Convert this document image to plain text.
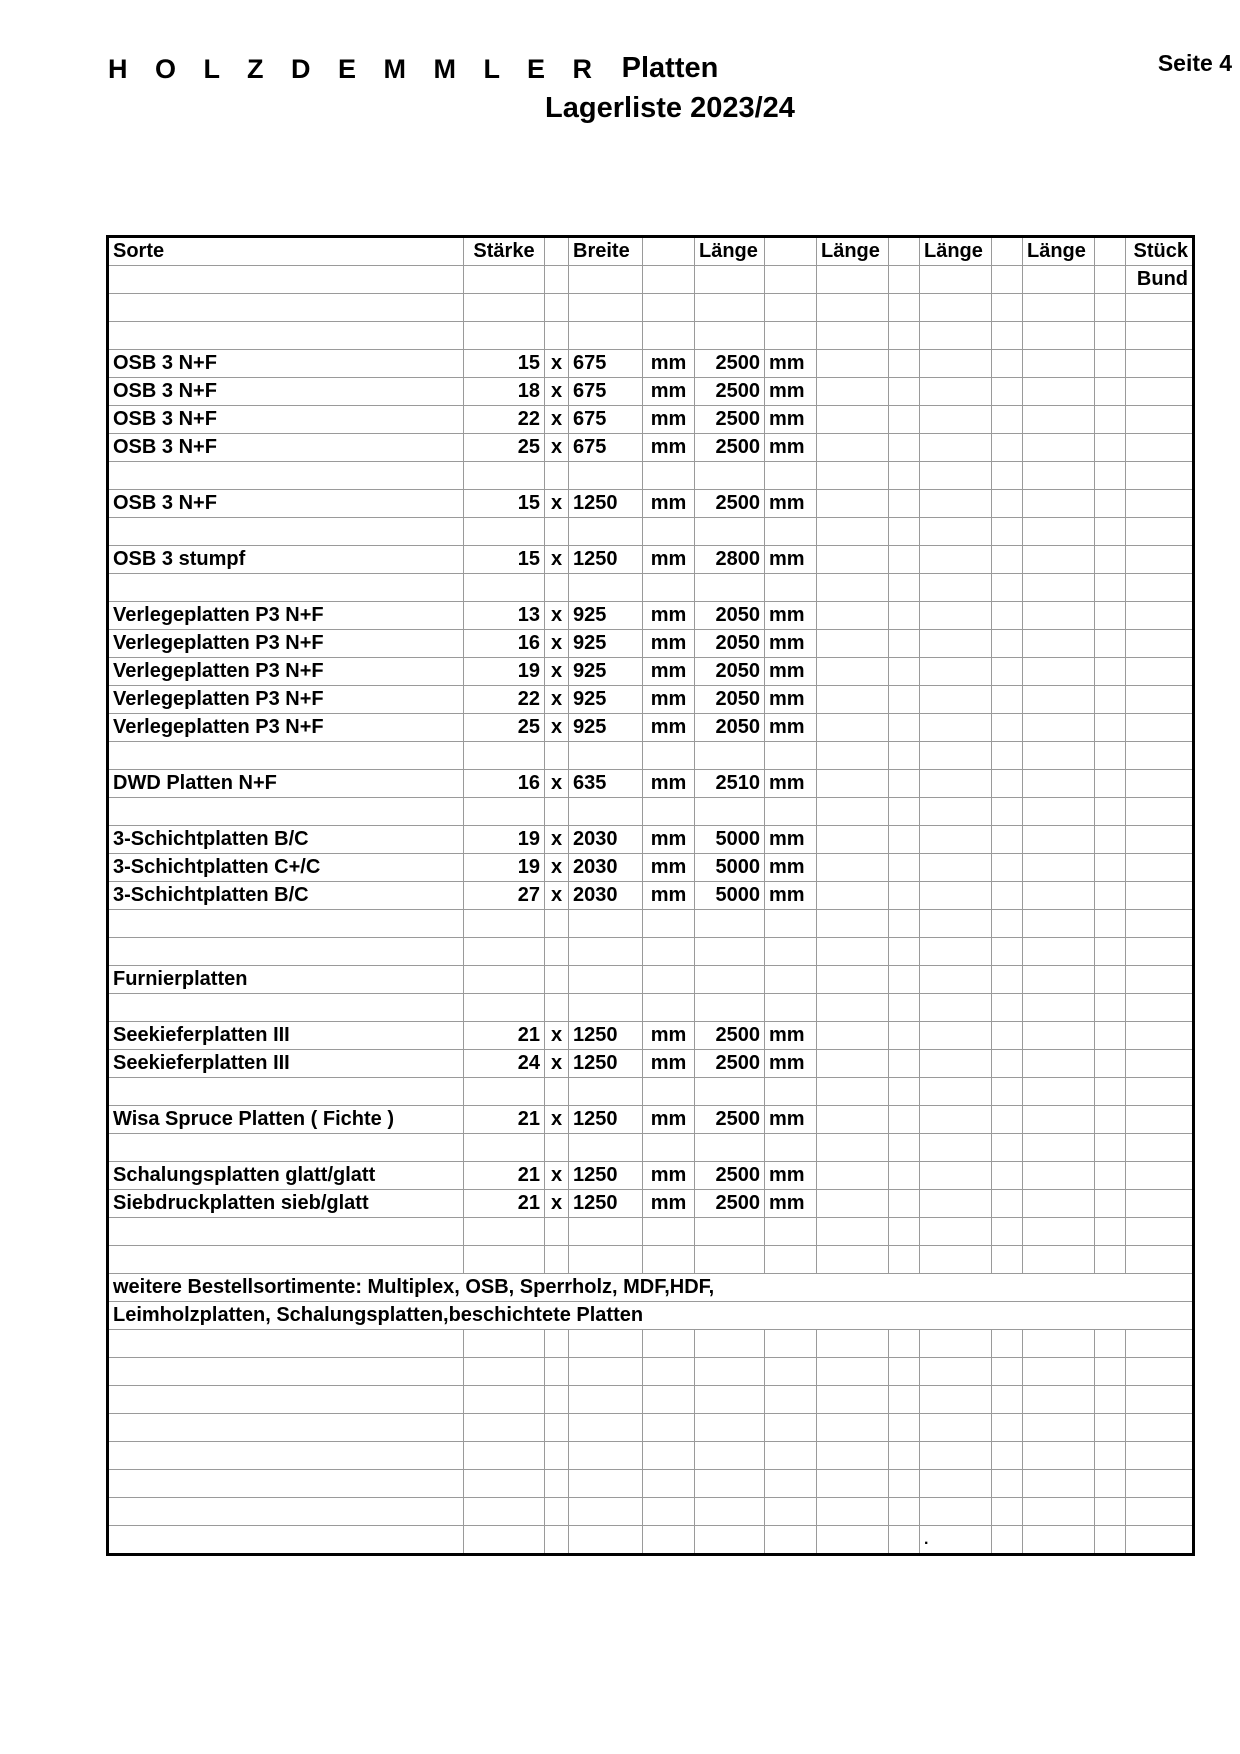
H O L Z D E M M L E R Platten
Lagerliste 2023/24
Seite 4
Sorte	Stärke		Breite		Länge		Länge		Länge		Länge		Stück
													Bund

OSB 3 N+F	15	x	675	mm	2500	mm							
OSB 3 N+F	18	x	675	mm	2500	mm							
OSB 3 N+F	22	x	675	mm	2500	mm							
OSB 3 N+F	25	x	675	mm	2500	mm							

OSB 3 N+F	15	x	1250	mm	2500	mm							

OSB 3 stumpf	15	x	1250	mm	2800	mm							

Verlegeplatten P3 N+F	13	x	925	mm	2050	mm							
Verlegeplatten P3 N+F	16	x	925	mm	2050	mm							
Verlegeplatten P3 N+F	19	x	925	mm	2050	mm							
Verlegeplatten P3 N+F	22	x	925	mm	2050	mm							
Verlegeplatten P3 N+F	25	x	925	mm	2050	mm							

DWD Platten N+F	16	x	635	mm	2510	mm							

3-Schichtplatten B/C	19	x	2030	mm	5000	mm							
3-Schichtplatten C+/C	19	x	2030	mm	5000	mm							
3-Schichtplatten B/C	27	x	2030	mm	5000	mm							

Furnierplatten													

Seekieferplatten III	21	x	1250	mm	2500	mm							
Seekieferplatten III	24	x	1250	mm	2500	mm							

Wisa Spruce Platten ( Fichte )	21	x	1250	mm	2500	mm							

Schalungsplatten glatt/glatt	21	x	1250	mm	2500	mm							
Siebdruckplatten sieb/glatt	21	x	1250	mm	2500	mm							

weitere Bestellsortimente: Multiplex, OSB, Sperrholz, MDF,HDF,													
Leimholzplatten, Schalungsplatten,beschichtete Platten													

									.				
